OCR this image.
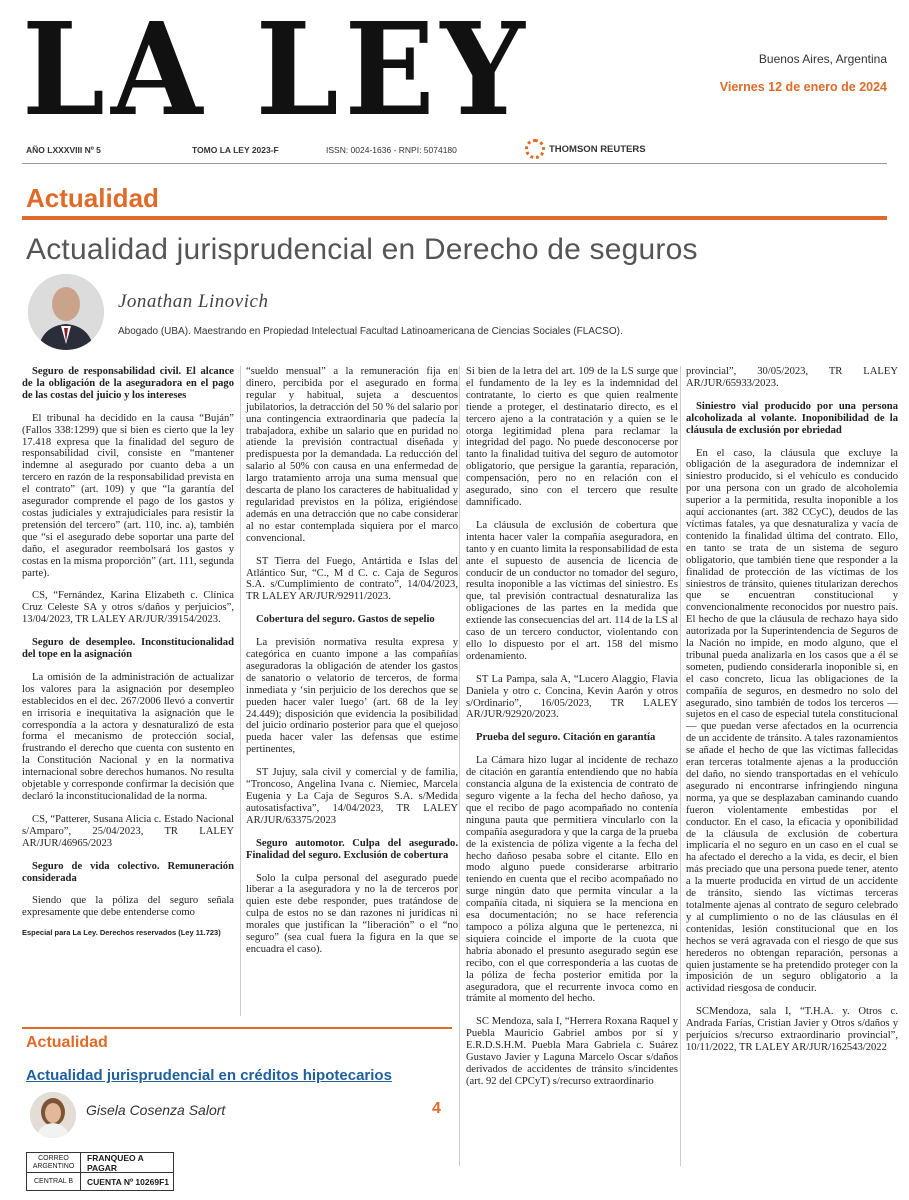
LA LEY	Buenos Aires, Argentina
Viernes 12 de enero de 2024
AÑO LXXXVIII Nº 5	TOMO LA LEY 2023-F	ISSN: 0024-1636 - RNPI: 5074180	THOMSON REUTERS
Actualidad
Actualidad jurisprudencial en Derecho de seguros
Jonathan Linovich
Abogado (UBA). Maestrando en Propiedad Intelectual Facultad Latinoamericana de Ciencias Sociales (FLACSO).

Seguro de responsabilidad civil. El alcance de la obligación de la aseguradora en el pago de las costas del juicio y los intereses

El tribunal ha decidido en la causa “Buján” (Fallos 338:1299) que si bien es cierto que la ley 17.418 expresa que la finalidad del seguro de responsabilidad civil, consiste en “mantener indemne al asegurado por cuanto deba a un tercero en razón de la responsabilidad prevista en el contrato” (art. 109) y que “la garantía del asegurador comprende el pago de los gastos y costas judiciales y extrajudiciales para resistir la pretensión del tercero” (art. 110, inc. a), también que “si el asegurado debe soportar una parte del daño, el asegurador reembolsará los gastos y costas en la misma proporción” (art. 111, segunda parte).

CS, “Fernández, Karina Elizabeth c. Clínica Cruz Celeste SA y otros s/daños y perjuicios”, 13/04/2023, TR LALEY AR/JUR/39154/2023.

Seguro de desempleo. Inconstitucionalidad del tope en la asignación

La omisión de la administración de actualizar los valores para la asignación por desempleo establecidos en el dec. 267/2006 llevó a convertir en irrisoria e inequitativa la asignación que le correspondía a la actora y desnaturalizó de esta forma el mecanismo de protección social, frustrando el derecho que cuenta con sustento en la Constitución Nacional y en la normativa internacional sobre derechos humanos. No resulta objetable y corresponde confirmar la decisión que declaró la inconstitucionalidad de la norma.

CS, “Patterer, Susana Alicia c. Estado Nacional s/Amparo”, 25/04/2023, TR LALEY AR/JUR/46965/2023

Seguro de vida colectivo. Remuneración considerada

Siendo que la póliza del seguro señala expresamente que debe entenderse como

Especial para La Ley. Derechos reservados (Ley 11.723)

“sueldo mensual” a la remuneración fija en dinero, percibida por el asegurado en forma regular y habitual, sujeta a descuentos jubilatorios, la detracción del 50 % del salario por una contingencia extraordinaria que padecía la trabajadora, exhibe un salario que en puridad no atiende la previsión contractual diseñada y predispuesta por la demandada. La reducción del salario al 50% con causa en una enfermedad de largo tratamiento arroja una suma mensual que descarta de plano los caracteres de habitualidad y regularidad previstos en la póliza, erigiéndose además en una detracción que no cabe considerar al no estar contemplada siquiera por el marco convencional.

ST Tierra del Fuego, Antártida e Islas del Atlántico Sur, “C., M d C. c. Caja de Seguros S.A. s/Cumplimiento de contrato”, 14/04/2023, TR LALEY AR/JUR/92911/2023.

Cobertura del seguro. Gastos de sepelio

La previsión normativa resulta expresa y categórica en cuanto impone a las compañías aseguradoras la obligación de atender los gastos de sanatorio o velatorio de terceros, de forma inmediata y ‘sin perjuicio de los derechos que se pueden hacer valer luego’ (art. 68 de la ley 24.449); disposición que evidencia la posibilidad del juicio ordinario posterior para que el quejoso pueda hacer valer las defensas que estime pertinentes,

ST Jujuy, sala civil y comercial y de familia, “Troncoso, Angelina Ivana c. Niemiec, Marcela Eugenia y La Caja de Seguros S.A. s/Medida autosatisfactiva”, 14/04/2023, TR LALEY AR/JUR/63375/2023

Seguro automotor. Culpa del asegurado. Finalidad del seguro. Exclusión de cobertura

Solo la culpa personal del asegurado puede liberar a la aseguradora y no la de terceros por quien este debe responder, pues tratándose de culpa de estos no se dan razones ni jurídicas ni morales que justifican la “liberación” o el “no seguro” (sea cual fuera la figura en la que se encuadra el caso).

Si bien de la letra del art. 109 de la LS surge que el fundamento de la ley es la indemnidad del contratante, lo cierto es que quien realmente tiende a proteger, el destinatario directo, es el tercero ajeno a la contratación y a quien se le otorga legitimidad plena para reclamar la integridad del pago. No puede desconocerse por tanto la finalidad tuitiva del seguro de automotor obligatorio, que persigue la garantía, reparación, compensación, pero no en relación con el asegurado, sino con el tercero que resulte damnificado.

La cláusula de exclusión de cobertura que intenta hacer valer la compañía aseguradora, en tanto y en cuanto limita la responsabilidad de esta ante el supuesto de ausencia de licencia de conducir de un conductor no tomador del seguro, resulta inoponible a las víctimas del siniestro. Es que, tal previsión contractual desnaturaliza las obligaciones de las partes en la medida que extiende las consecuencias del art. 114 de la LS al caso de un tercero conductor, violentando con ello lo dispuesto por el art. 158 del mismo ordenamiento.

ST La Pampa, sala A, “Lucero Alaggio, Flavia Daniela y otro c. Concina, Kevin Aarón y otros s/Ordinario”, 16/05/2023, TR LALEY AR/JUR/92920/2023.

Prueba del seguro. Citación en garantía

La Cámara hizo lugar al incidente de rechazo de citación en garantía entendiendo que no había constancia alguna de la existencia de contrato de seguro vigente a la fecha del hecho dañoso, ya que el recibo de pago acompañado no contenía ninguna pauta que permitiera vincularlo con la compañía aseguradora y que la carga de la prueba de la existencia de póliza vigente a la fecha del hecho dañoso pesaba sobre el citante. Ello en modo alguno puede considerarse arbitrario teniendo en cuenta que el recibo acompañado no surge ningún dato que permita vincular a la compañía citada, ni siquiera se la menciona en esa documentación; no se hace referencia tampoco a póliza alguna que le pertenezca, ni siquiera coincide el importe de la cuota que habría abonado el presunto asegurado según ese recibo, con el que correspondería a las cuotas de la póliza de fecha posterior emitida por la aseguradora, que el recurrente invoca como en trámite al momento del hecho.

SC Mendoza, sala I, “Herrera Roxana Raquel y Puebla Mauricio Gabriel ambos por sí y E.R.D.S.H.M. Puebla Mara Gabriela c. Suárez Gustavo Javier y Laguna Marcelo Oscar s/daños derivados de accidentes de tránsito s/incidentes (art. 92 del CPCyT) s/recurso extraordinario

provincial”, 30/05/2023, TR LALEY AR/JUR/65933/2023.

Siniestro vial producido por una persona alcoholizada al volante. Inoponibilidad de la cláusula de exclusión por ebriedad

En el caso, la cláusula que excluye la obligación de la aseguradora de indemnizar el siniestro producido, si el vehículo es conducido por una persona con un grado de alcoholemia superior a la permitida, resulta inoponible a los aquí accionantes (art. 382 CCyC), deudos de las víctimas fatales, ya que desnaturaliza y vacía de contenido la finalidad última del contrato. Ello, en tanto se trata de un sistema de seguro obligatorio, que también tiene que responder a la finalidad de protección de las víctimas de los siniestros de tránsito, quienes titularizan derechos que se encuentran constitucional y convencionalmente reconocidos por nuestro país. El hecho de que la cláusula de rechazo haya sido autorizada por la Superintendencia de Seguros de la Nación no impide, en modo alguno, que el tribunal pueda analizarla en los casos que a él se someten, pudiendo considerarla inoponible si, en el caso concreto, licua las obligaciones de la compañía de seguros, en desmedro no solo del asegurado, sino también de todos los terceros —sujetos en el caso de especial tutela constitucional— que puedan verse afectados en la ocurrencia de un accidente de tránsito. A tales razonamientos se añade el hecho de que las víctimas fallecidas eran terceras totalmente ajenas a la producción del daño, no siendo transportadas en el vehículo asegurado ni encontrarse infringiendo ninguna norma, ya que se desplazaban caminando cuando fueron violentamente embestidas por el conductor. En el caso, la eficacia y oponibilidad de la cláusula de exclusión de cobertura implicaría el no seguro en un caso en el cual se ha afectado el derecho a la vida, es decir, el bien más preciado que una persona puede tener, atento a la muerte producida en virtud de un accidente de tránsito, siendo las víctimas terceras totalmente ajenas al contrato de seguro celebrado y al cumplimiento o no de las cláusulas en él contenidas, lesión constitucional que en los hechos se verá agravada con el riesgo de que sus herederos no obtengan reparación, personas a quien justamente se ha pretendido proteger con la imposición de un seguro obligatorio a la actividad riesgosa de conducir.

SCMendoza, sala I, “T.H.A. y. Otros c. Andrada Farías, Cristian Javier y Otros s/daños y perjuicios s/recurso extraordinario provincial”, 10/11/2022, TR LALEY AR/JUR/162543/2022

Actualidad
Actualidad jurisprudencial en créditos hipotecarios
Gisela Cosenza Salort	4
CORREO ARGENTINO
FRANQUEO A PAGAR
CENTRAL B	CUENTA Nº 10269F1
